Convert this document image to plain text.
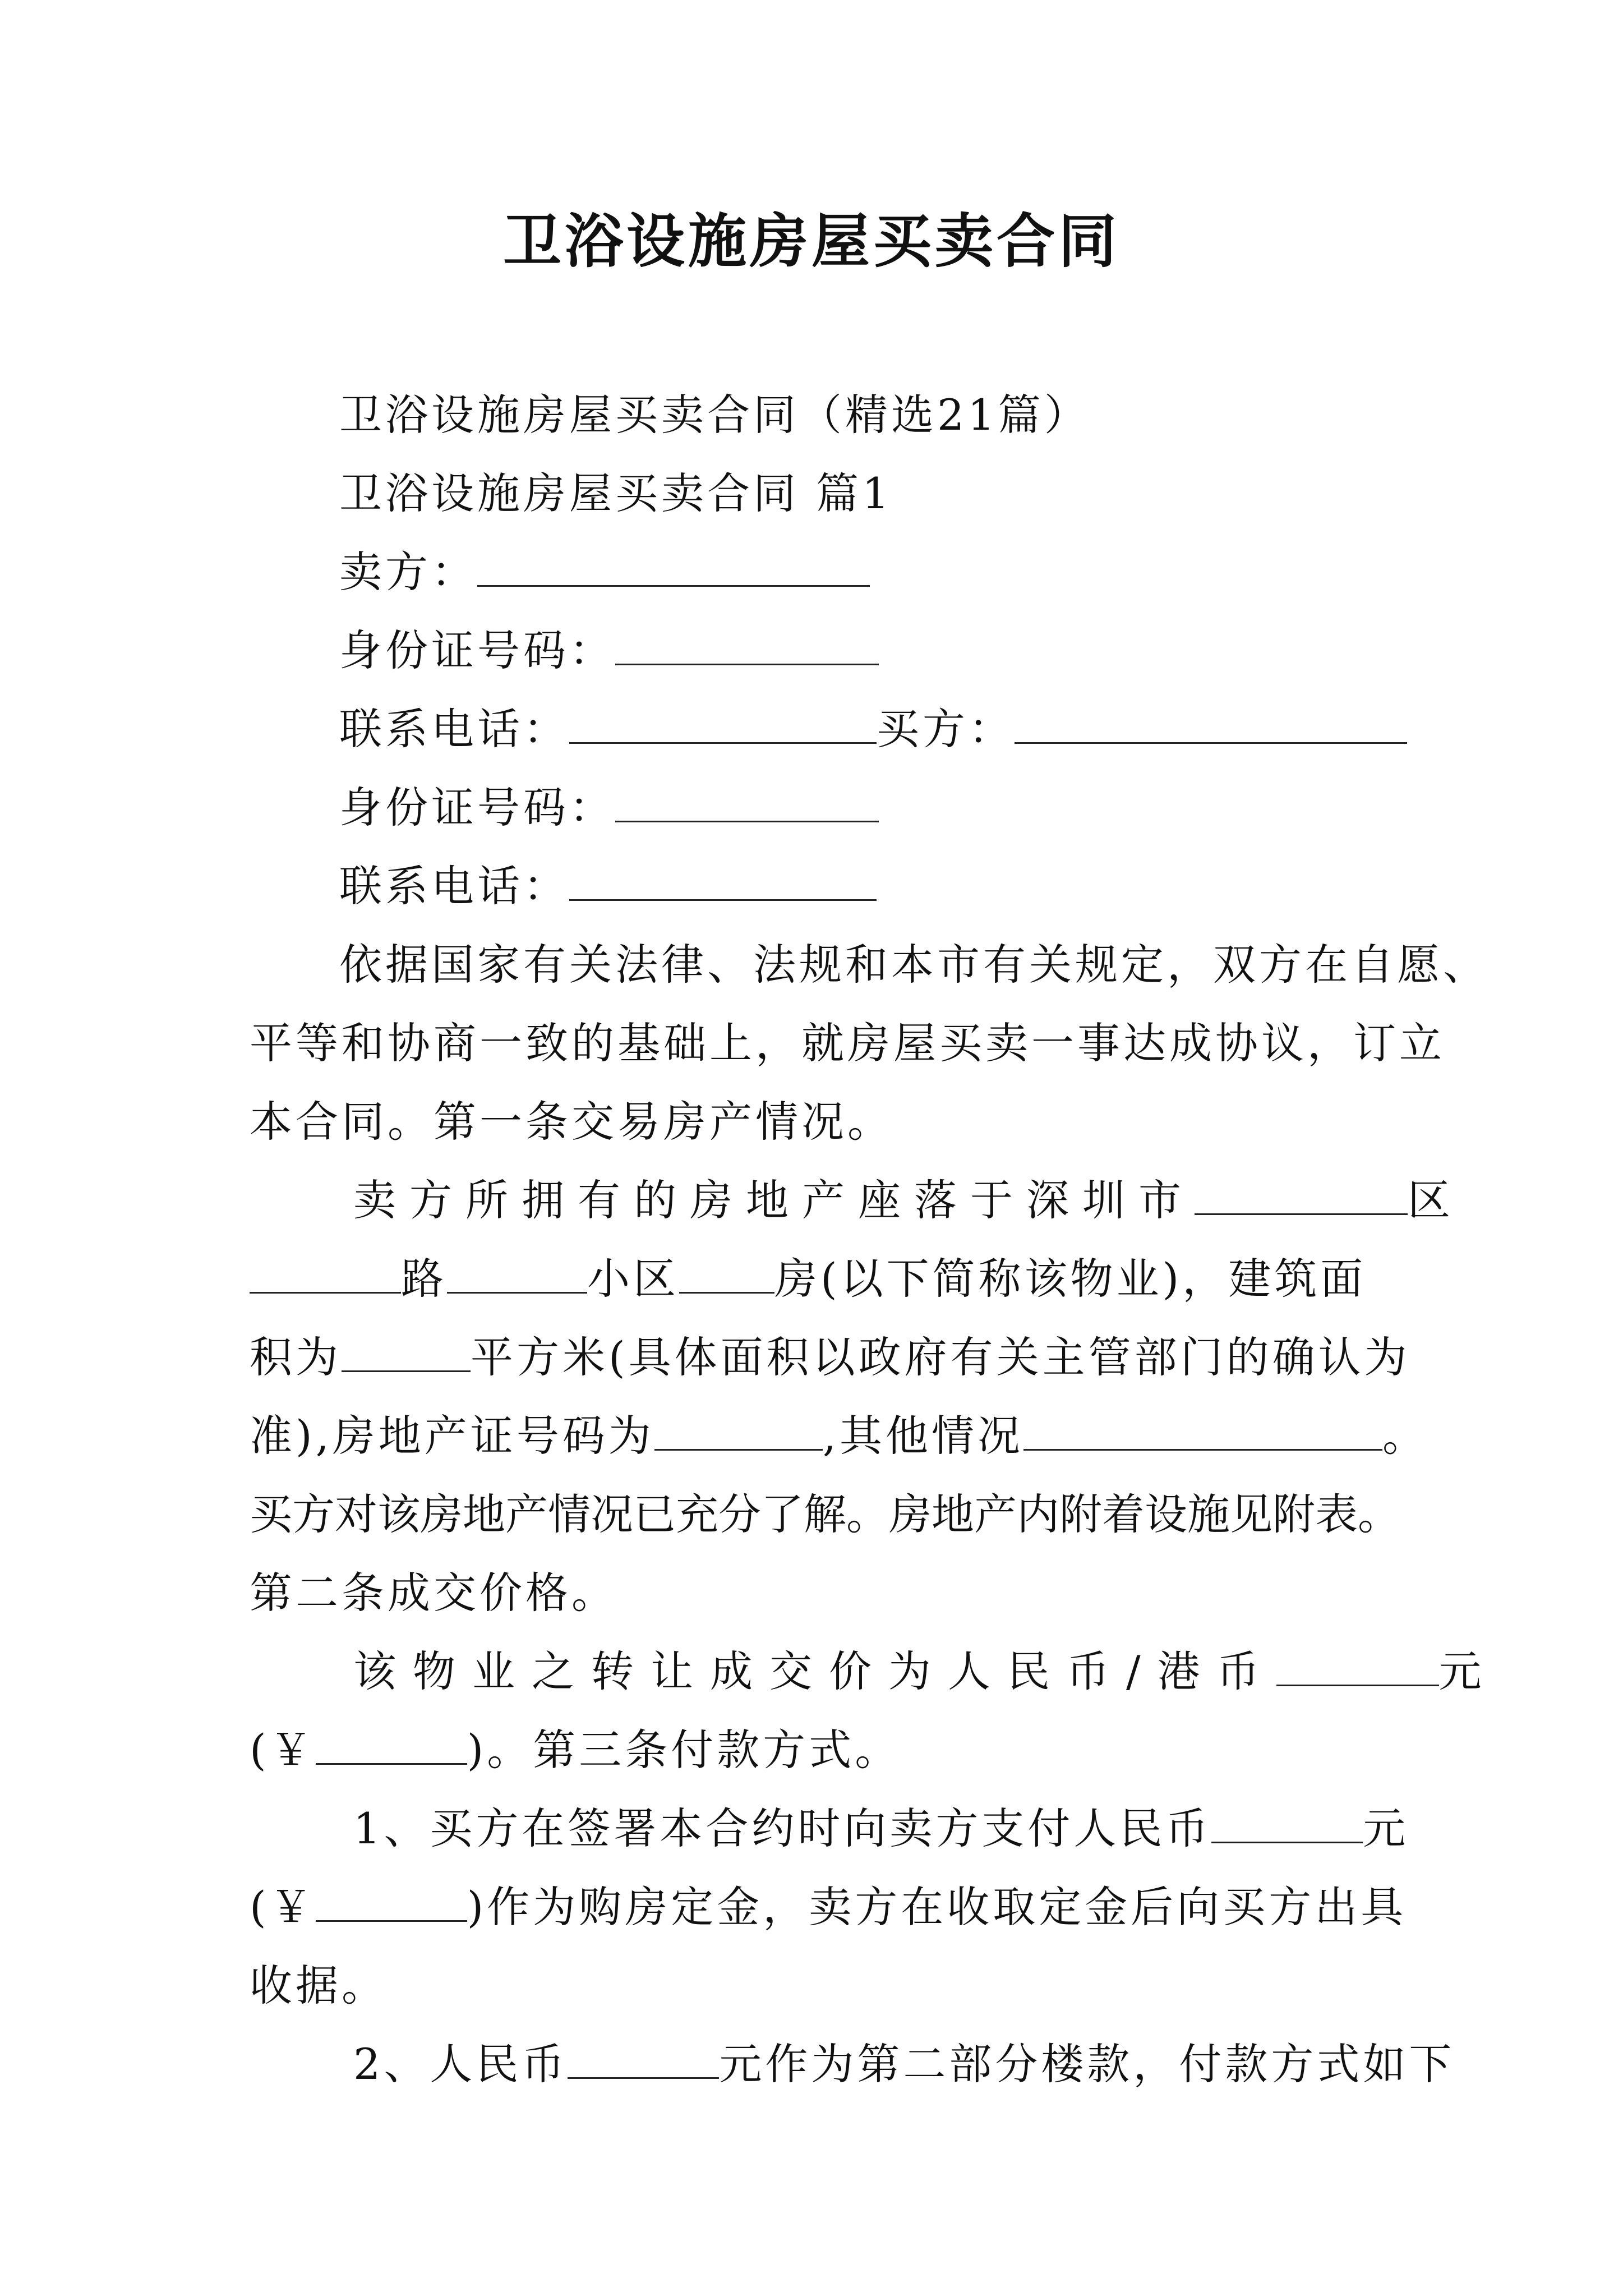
卫浴设施房屋买卖合同
卫浴设施房屋买卖合同（精选21篇）
卫浴设施房屋买卖合同 篇1
卖方：
身份证号码：
联系电话：	买方：
身份证号码：
联系电话：
依据国家有关法律、法规和本市有关规定，双方在自愿、
平等和协商一致的基础上，就房屋买卖一事达成协议，订立
本合同。第一条交易房产情况。
卖方所拥有的房地产座落于深圳市	区
路	小区 房(以下简称该物业)，建筑面
积为	平方米(具体面积以政府有关主管部门的确认为
准),房地产证号码为	,其他情况	。
买方对该房地产情况已充分了解。房地产内附着设施见附表。
第二条成交价格。
该物业之转让成交价为人民币/港币	元
(￥	)。第三条付款方式。
1、买方在签署本合约时向卖方支付人民币	元
(￥	)作为购房定金，卖方在收取定金后向买方出具
收据。
2、人民币	元作为第二部分楼款，付款方式如下
